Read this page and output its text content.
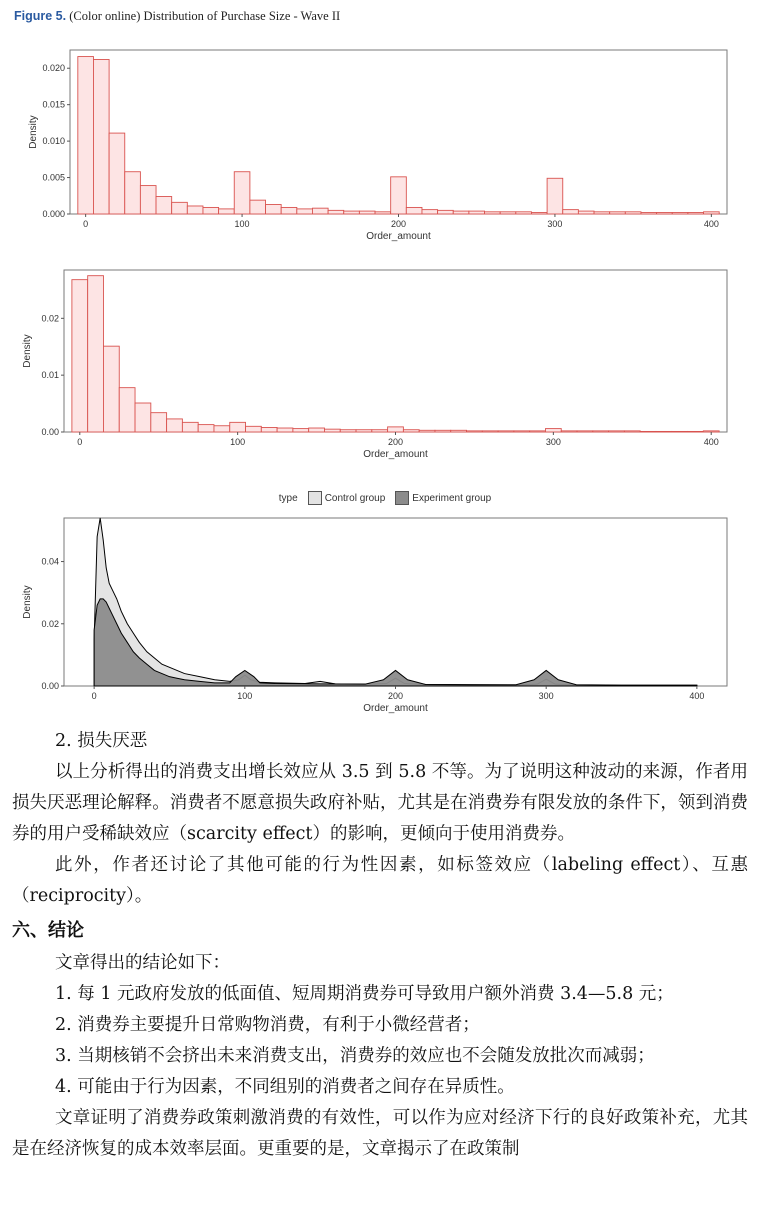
Figure 5. (Color online) Distribution of Purchase Size - Wave II
0	100	200	300	400
0.000
0.005
0.010
0.015
0.020
Order_amount
Density
0	100	200	300	400
0.00
0.01
0.02
Order_amount
Density
type	Control group	Experiment group
0	100	200	300	400
0.00
0.02
0.04
Order_amount
Density

2. 损失厌恶

以上分析得出的消费支出增长效应从 3.5 到 5.8 不等。为了说明这种波动的来源，作者用损失厌恶理论解释。消费者不愿意损失政府补贴，尤其是在消费券有限发放的条件下，领到消费券的用户受稀缺效应（scarcity effect）的影响，更倾向于使用消费券。

此外，作者还讨论了其他可能的行为性因素，如标签效应（labeling effect）、互惠（reciprocity）。

六、结论

文章得出的结论如下：

1. 每 1 元政府发放的低面值、短周期消费券可导致用户额外消费 3.4—5.8 元；

2. 消费券主要提升日常购物消费，有利于小微经营者；

3. 当期核销不会挤出未来消费支出，消费券的效应也不会随发放批次而减弱；

4. 可能由于行为因素，不同组别的消费者之间存在异质性。

文章证明了消费券政策刺激消费的有效性，可以作为应对经济下行的良好政策补充，尤其是在经济恢复的成本效率层面。更重要的是，文章揭示了在政策制
